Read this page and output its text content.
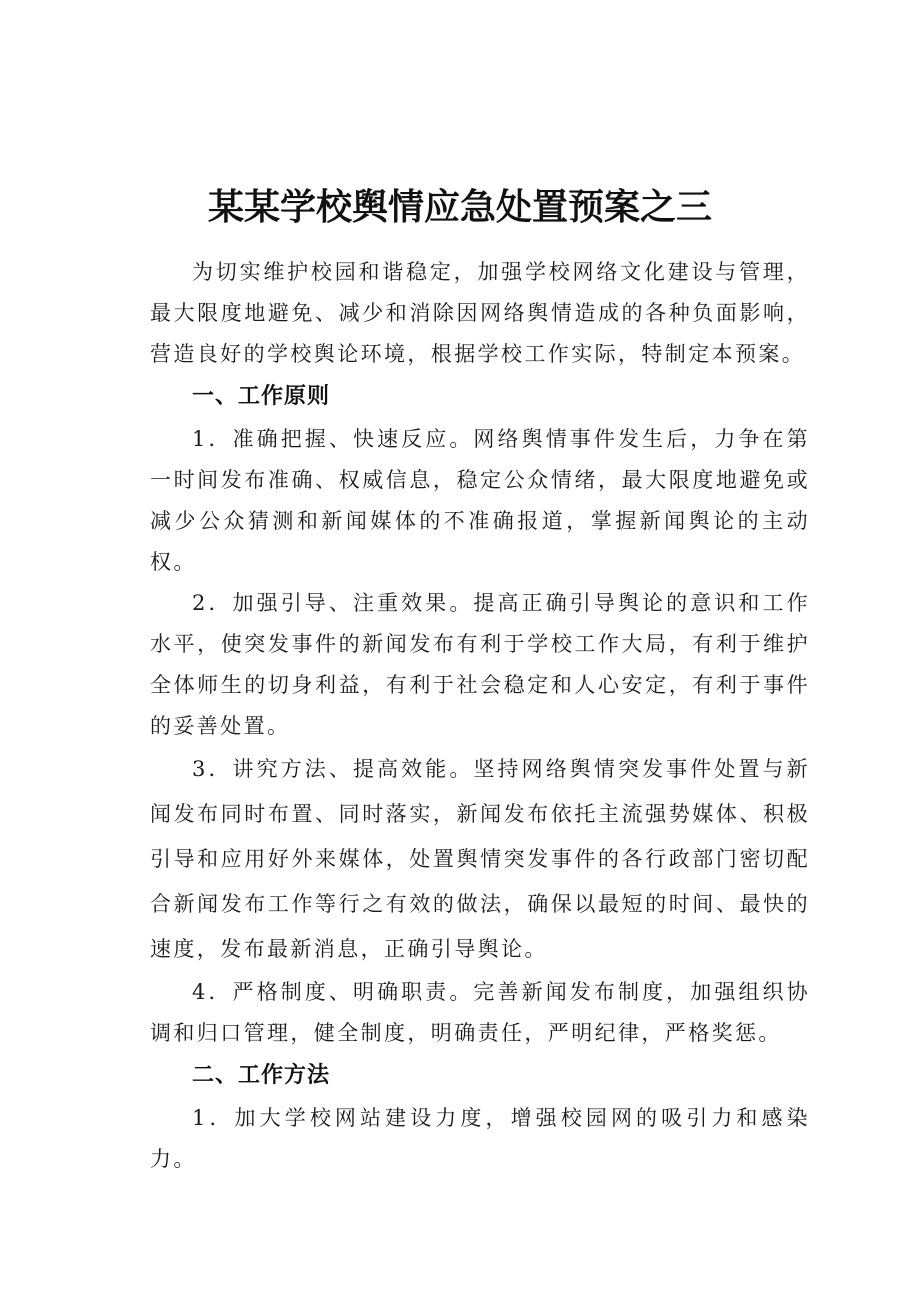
某某学校舆情应急处置预案之三

为切实维护校园和谐稳定，加强学校网络文化建设与管理，最大限度地避免、减少和消除因网络舆情造成的各种负面影响，营造良好的学校舆论环境，根据学校工作实际，特制定本预案。

一、工作原则

1．准确把握、快速反应。网络舆情事件发生后，力争在第一时间发布准确、权威信息，稳定公众情绪，最大限度地避免或减少公众猜测和新闻媒体的不准确报道，掌握新闻舆论的主动权。

2．加强引导、注重效果。提高正确引导舆论的意识和工作水平，使突发事件的新闻发布有利于学校工作大局，有利于维护全体师生的切身利益，有利于社会稳定和人心安定，有利于事件的妥善处置。

3．讲究方法、提高效能。坚持网络舆情突发事件处置与新闻发布同时布置、同时落实，新闻发布依托主流强势媒体、积极引导和应用好外来媒体，处置舆情突发事件的各行政部门密切配合新闻发布工作等行之有效的做法，确保以最短的时间、最快的速度，发布最新消息，正确引导舆论。

4．严格制度、明确职责。完善新闻发布制度，加强组织协调和归口管理，健全制度，明确责任，严明纪律，严格奖惩。

二、工作方法

1．加大学校网站建设力度，增强校园网的吸引力和感染力。
